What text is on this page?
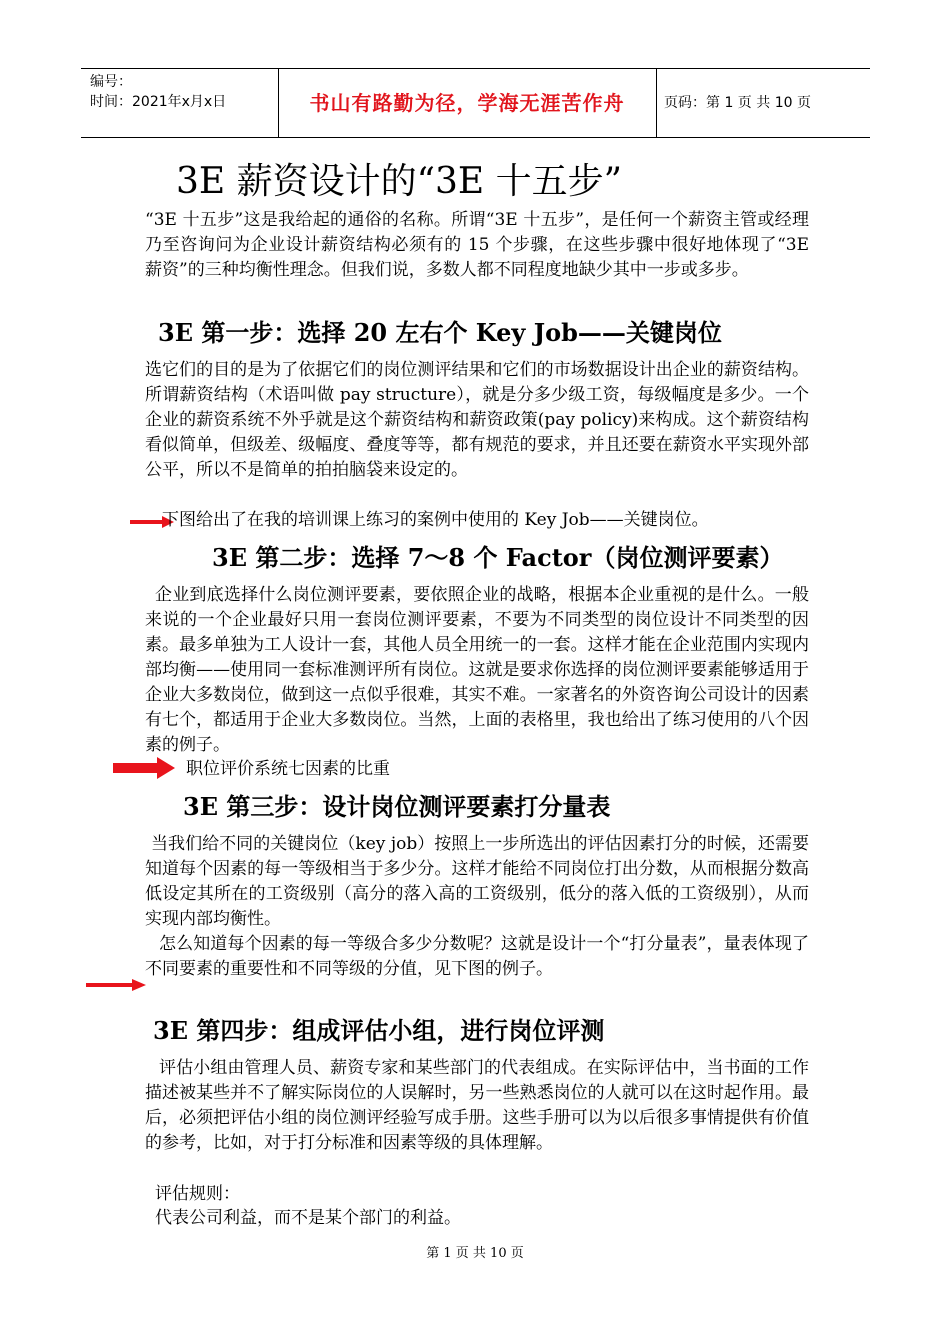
编号：
时间：2021年x月x日	书山有路勤为径，学海无涯苦作舟	页码：第 1 页 共 10 页
3E 薪资设计的“3E 十五步”
“3E 十五步”这是我给起的通俗的名称。所谓“3E 十五步”，是任何一个薪资主管或经理乃至咨询问为企业设计薪资结构必须有的 15 个步骤，在这些步骤中很好地体现了“3E 薪资”的三种均衡性理念。但我们说，多数人都不同程度地缺少其中一步或多步。
3E 第一步：选择 20 左右个 Key Job——关键岗位
选它们的目的是为了依据它们的岗位测评结果和它们的市场数据设计出企业的薪资结构。所谓薪资结构（术语叫做 pay structure），就是分多少级工资，每级幅度是多少。一个企业的薪资系统不外乎就是这个薪资结构和薪资政策(pay policy)来构成。这个薪资结构看似简单，但级差、级幅度、叠度等等，都有规范的要求，并且还要在薪资水平实现外部公平，所以不是简单的拍拍脑袋来设定的。
下图给出了在我的培训课上练习的案例中使用的 Key Job——关键岗位。
3E 第二步：选择 7～8 个 Factor（岗位测评要素）
企业到底选择什么岗位测评要素，要依照企业的战略，根据本企业重视的是什么。一般来说的一个企业最好只用一套岗位测评要素，不要为不同类型的岗位设计不同类型的因素。最多单独为工人设计一套，其他人员全用统一的一套。这样才能在企业范围内实现内部均衡——使用同一套标准测评所有岗位。这就是要求你选择的岗位测评要素能够适用于企业大多数岗位，做到这一点似乎很难，其实不难。一家著名的外资咨询公司设计的因素有七个，都适用于企业大多数岗位。当然，上面的表格里，我也给出了练习使用的八个因素的例子。
职位评价系统七因素的比重
3E 第三步：设计岗位测评要素打分量表
当我们给不同的关键岗位（key job）按照上一步所选出的评估因素打分的时候，还需要知道每个因素的每一等级相当于多少分。这样才能给不同岗位打出分数，从而根据分数高低设定其所在的工资级别（高分的落入高的工资级别，低分的落入低的工资级别），从而实现内部均衡性。
怎么知道每个因素的每一等级合多少分数呢？这就是设计一个“打分量表”，量表体现了不同要素的重要性和不同等级的分值，见下图的例子。
3E 第四步：组成评估小组，进行岗位评测
评估小组由管理人员、薪资专家和某些部门的代表组成。在实际评估中，当书面的工作描述被某些并不了解实际岗位的人误解时，另一些熟悉岗位的人就可以在这时起作用。最后，必须把评估小组的岗位测评经验写成手册。这些手册可以为以后很多事情提供有价值的参考，比如，对于打分标准和因素等级的具体理解。
评估规则：
代表公司利益，而不是某个部门的利益。
第 1 页 共 10 页
